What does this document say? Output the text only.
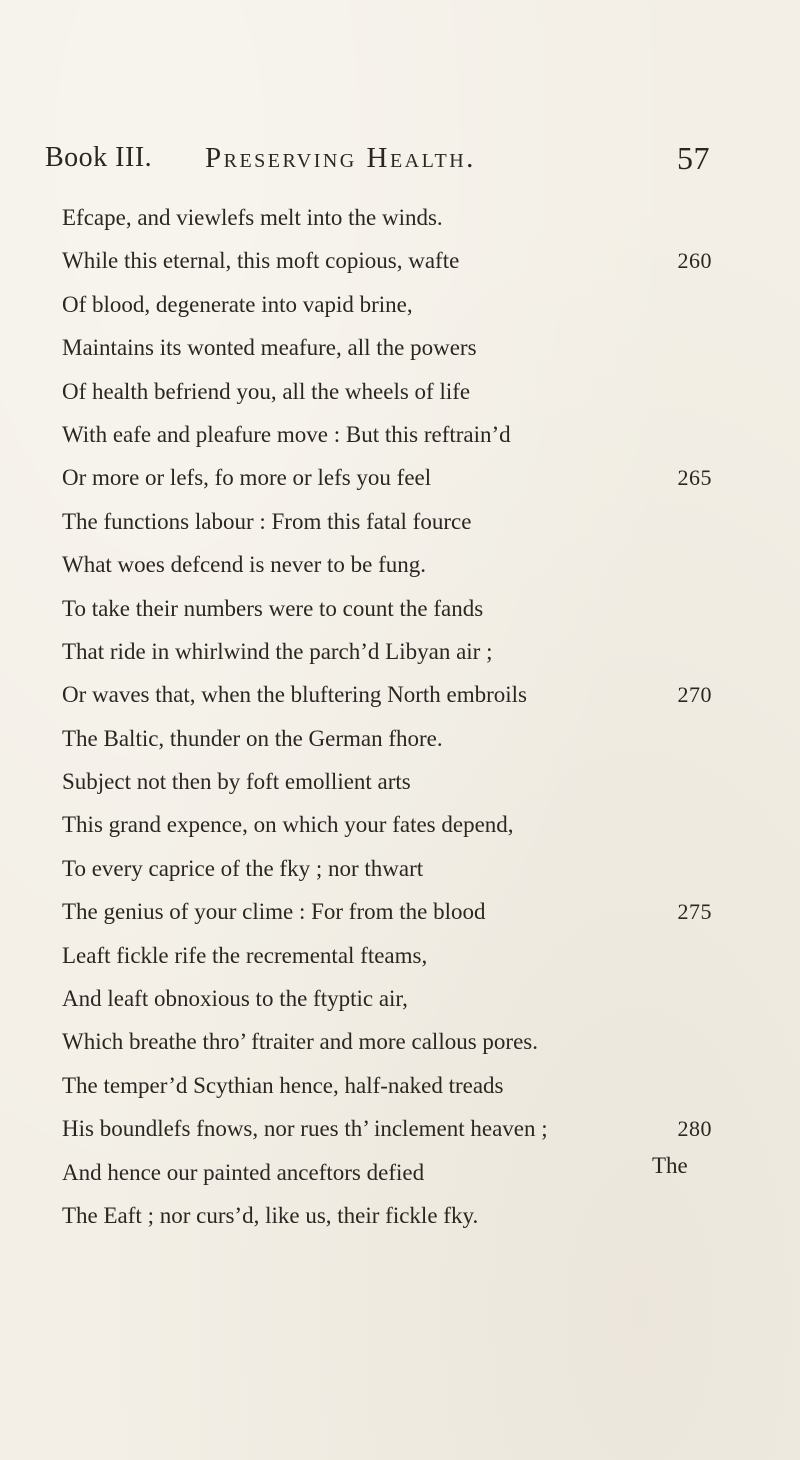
Book III. Preserving Health.	57
Efcape, and viewlefs melt into the winds.
While this eternal, this moft copious, wafte	260
Of blood, degenerate into vapid brine,
Maintains its wonted meafure, all the powers
Of health befriend you, all the wheels of life
With eafe and pleafure move : But this reftrain’d
Or more or lefs, fo more or lefs you feel	265
The functions labour : From this fatal fource
What woes defcend is never to be fung.
To take their numbers were to count the fands
That ride in whirlwind the parch’d Libyan air ;
Or waves that, when the bluftering North embroils	270
The Baltic, thunder on the German fhore.
Subject not then by foft emollient arts
This grand expence, on which your fates depend,
To every caprice of the fky ; nor thwart
The genius of your clime : For from the blood	275
Leaft fickle rife the recremental fteams,
And leaft obnoxious to the ftyptic air,
Which breathe thro’ ftraiter and more callous pores.
The temper’d Scythian hence, half-naked treads
His boundlefs fnows, nor rues th’ inclement heaven ;	280
And hence our painted anceftors defied
The Eaft ; nor curs’d, like us, their fickle fky.
The
